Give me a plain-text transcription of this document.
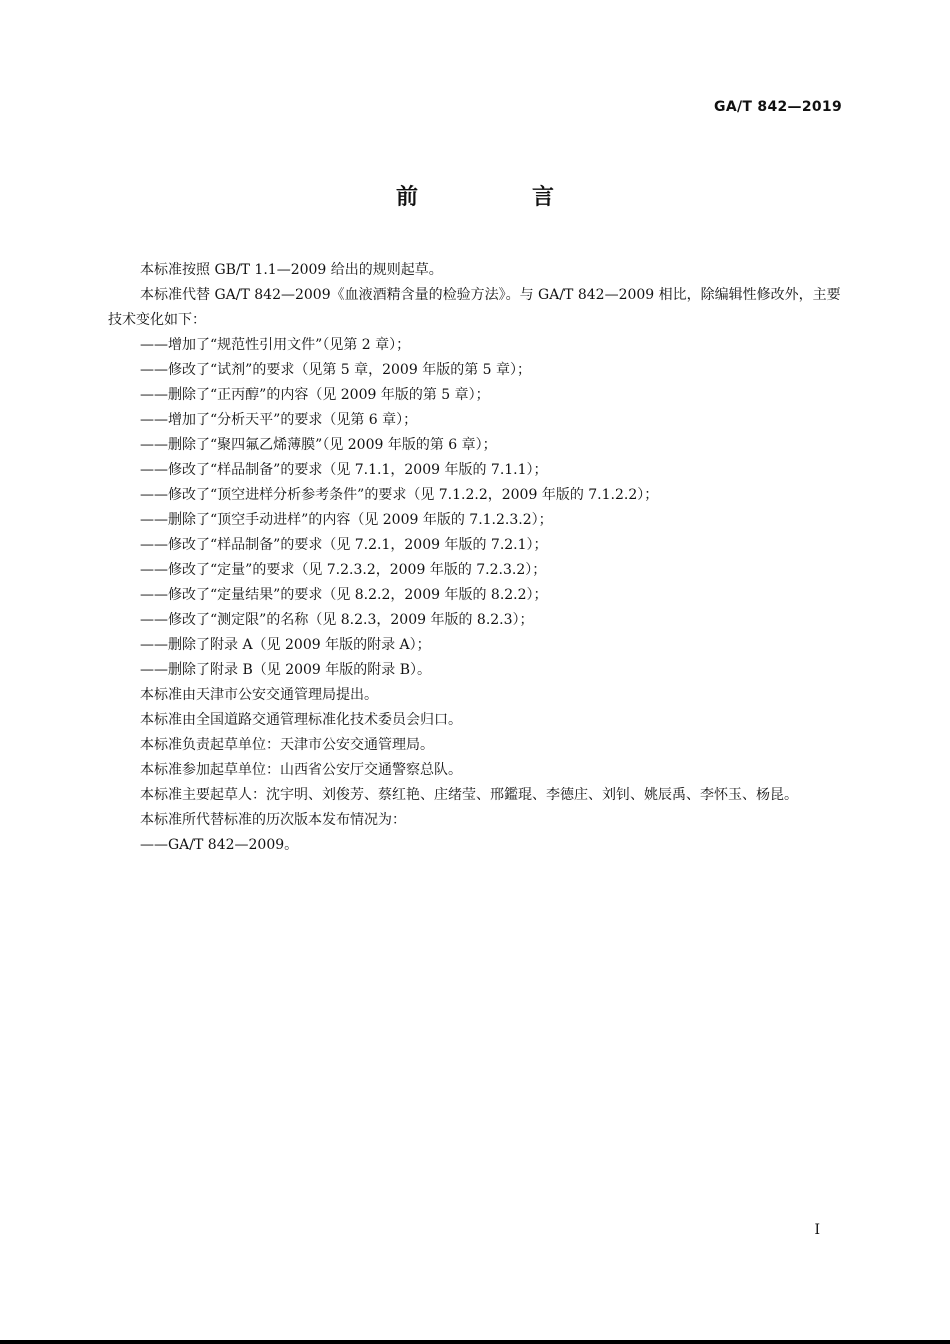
GA/T 842—2019
前　言

本标准按照 GB/T 1.1—2009 给出的规则起草。

本标准代替 GA/T 842—2009《血液酒精含量的检验方法》。与 GA/T 842—2009 相比，除编辑性修改外，主要技术变化如下：

——增加了“规范性引用文件”（见第 2 章）；

——修改了“试剂”的要求（见第 5 章，2009 年版的第 5 章）；

——删除了“正丙醇”的内容（见 2009 年版的第 5 章）；

——增加了“分析天平”的要求（见第 6 章）；

——删除了“聚四氟乙烯薄膜”（见 2009 年版的第 6 章）；

——修改了“样品制备”的要求（见 7.1.1，2009 年版的 7.1.1）；

——修改了“顶空进样分析参考条件”的要求（见 7.1.2.2，2009 年版的 7.1.2.2）；

——删除了“顶空手动进样”的内容（见 2009 年版的 7.1.2.3.2）；

——修改了“样品制备”的要求（见 7.2.1，2009 年版的 7.2.1）；

——修改了“定量”的要求（见 7.2.3.2，2009 年版的 7.2.3.2）；

——修改了“定量结果”的要求（见 8.2.2，2009 年版的 8.2.2）；

——修改了“测定限”的名称（见 8.2.3，2009 年版的 8.2.3）；

——删除了附录 A（见 2009 年版的附录 A）；

——删除了附录 B（见 2009 年版的附录 B）。

本标准由天津市公安交通管理局提出。

本标准由全国道路交通管理标准化技术委员会归口。

本标准负责起草单位：天津市公安交通管理局。

本标准参加起草单位：山西省公安厅交通警察总队。

本标准主要起草人：沈宇明、刘俊芳、蔡红艳、庄绪莹、邢鑑琨、李德庄、刘钊、姚辰禹、李怀玉、杨昆。

本标准所代替标准的历次版本发布情况为：

——GA/T 842—2009。

I
